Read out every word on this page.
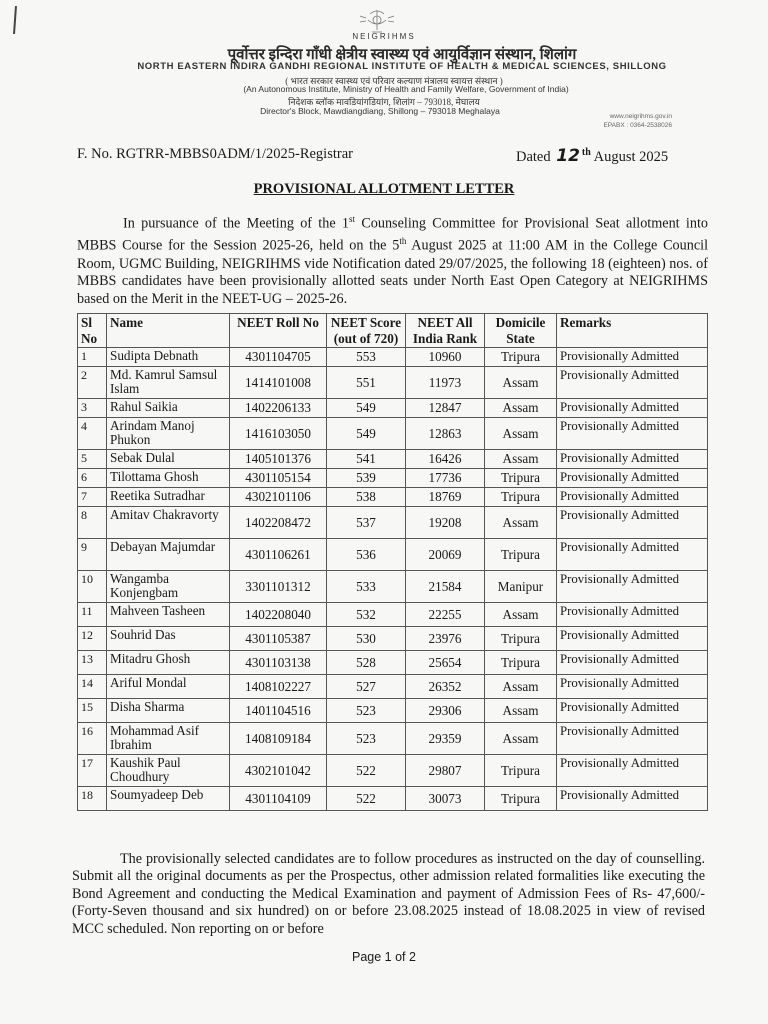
NEIGRIHMS
पूर्वोत्तर इन्दिरा गाँधी क्षेत्रीय स्वास्थ्य एवं आयुर्विज्ञान संस्थान, शिलांग
NORTH EASTERN INDIRA GANDHI REGIONAL INSTITUTE OF HEALTH & MEDICAL SCIENCES, SHILLONG
( भारत सरकार स्वास्थ्य एवं परिवार कल्याण मंत्रालय स्वायत्त संस्थान )
(An Autonomous Institute, Ministry of Health and Family Welfare, Government of India)
निदेशक ब्लॉक मावडियांगडियांग, शिलांग – 793018, मेघालय
Director's Block, Mawdiangdiang, Shillong – 793018 Meghalaya
www.neigrihms.gov.in
EPABX : 0364-2538026
F. No. RGTRR-MBBS0ADM/1/2025-Registrar	Dated 12 $^{th}$ August 2025
PROVISIONAL ALLOTMENT LETTER
In pursuance of the Meeting of the 1st Counseling Committee for Provisional Seat allotment into MBBS Course for the Session 2025-26, held on the 5th August 2025 at 11:00 AM in the College Council Room, UGMC Building, NEIGRIHMS vide Notification dated 29/07/2025, the following 18 (eighteen) nos. of MBBS candidates have been provisionally allotted seats under North East Open Category at NEIGRIHMS based on the Merit in the NEET-UG – 2025-26.
Sl No	Name	NEET Roll No	NEET Score (out of 720)	NEET All India Rank	Domicile State	Remarks
1	Sudipta Debnath	4301104705	553	10960	Tripura	Provisionally Admitted
2	Md. Kamrul Samsul Islam	1414101008	551	11973	Assam	Provisionally Admitted
3	Rahul Saikia	1402206133	549	12847	Assam	Provisionally Admitted
4	Arindam Manoj Phukon	1416103050	549	12863	Assam	Provisionally Admitted
5	Sebak Dulal	1405101376	541	16426	Assam	Provisionally Admitted
6	Tilottama Ghosh	4301105154	539	17736	Tripura	Provisionally Admitted
7	Reetika Sutradhar	4302101106	538	18769	Tripura	Provisionally Admitted
8	Amitav Chakravorty	1402208472	537	19208	Assam	Provisionally Admitted
9	Debayan Majumdar	4301106261	536	20069	Tripura	Provisionally Admitted
10	Wangamba Konjengbam	3301101312	533	21584	Manipur	Provisionally Admitted
11	Mahveen Tasheen	1402208040	532	22255	Assam	Provisionally Admitted
12	Souhrid Das	4301105387	530	23976	Tripura	Provisionally Admitted
13	Mitadru Ghosh	4301103138	528	25654	Tripura	Provisionally Admitted
14	Ariful Mondal	1408102227	527	26352	Assam	Provisionally Admitted
15	Disha Sharma	1401104516	523	29306	Assam	Provisionally Admitted
16	Mohammad Asif Ibrahim	1408109184	523	29359	Assam	Provisionally Admitted
17	Kaushik Paul Choudhury	4302101042	522	29807	Tripura	Provisionally Admitted
18	Soumyadeep Deb	4301104109	522	30073	Tripura	Provisionally Admitted
The provisionally selected candidates are to follow procedures as instructed on the day of counselling. Submit all the original documents as per the Prospectus, other admission related formalities like executing the Bond Agreement and conducting the Medical Examination and payment of Admission Fees of Rs- 47,600/- (Forty-Seven thousand and six hundred) on or before 23.08.2025 instead of 18.08.2025 in view of revised MCC scheduled. Non reporting on or before
Page 1 of 2
